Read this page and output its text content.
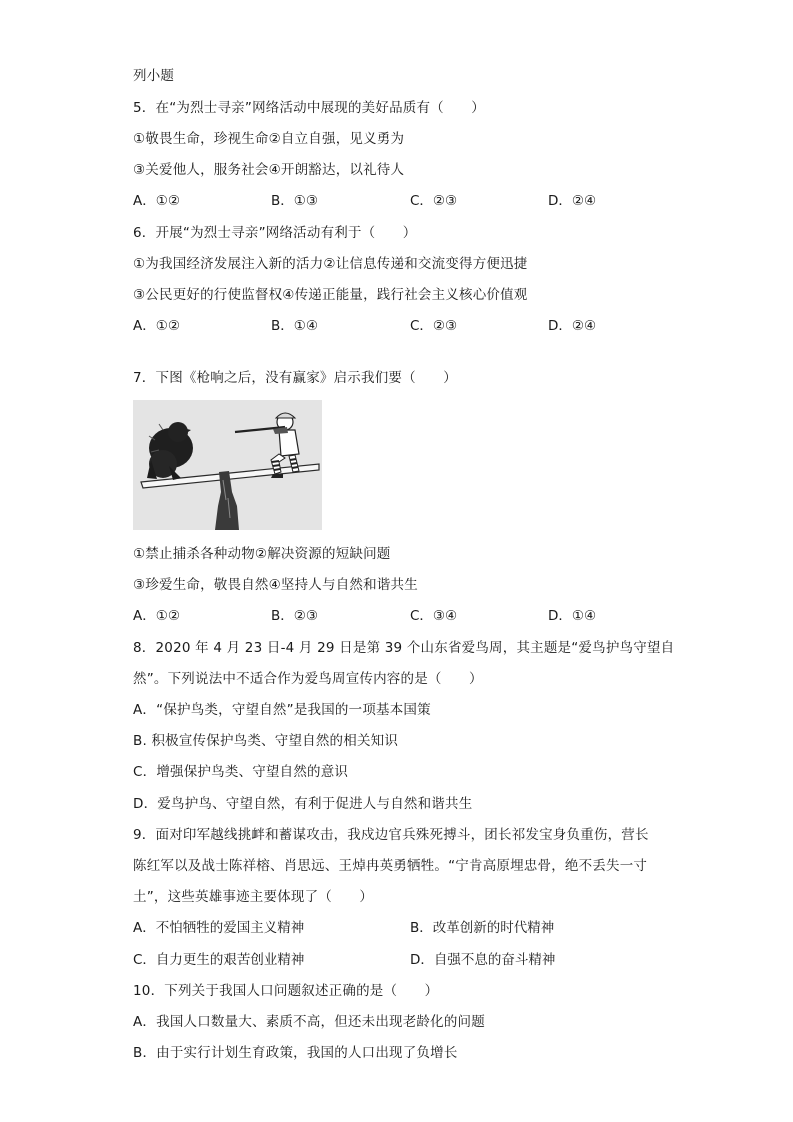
列小题
5．在“为烈士寻亲”网络活动中展现的美好品质有（　　）
①敬畏生命，珍视生命②自立自强，见义勇为
③关爱他人，服务社会④开朗豁达，以礼待人
A．①②	B．①③	C．②③	D．②④
6．开展“为烈士寻亲”网络活动有利于（　　）
①为我国经济发展注入新的活力②让信息传递和交流变得方便迅捷
③公民更好的行使监督权④传递正能量，践行社会主义核心价值观
A．①②	B．①④	C．②③	D．②④
7．下图《枪响之后，没有赢家》启示我们要（　　）
①禁止捕杀各种动物②解决资源的短缺问题
③珍爱生命，敬畏自然④坚持人与自然和谐共生
A．①②	B．②③	C．③④	D．①④
8．2020 年 4 月 23 日-4 月 29 日是第 39 个山东省爱鸟周，其主题是“爱鸟护鸟守望自
然”。下列说法中不适合作为爱鸟周宣传内容的是（　　）
A．“保护鸟类，守望自然”是我国的一项基本国策
B. 积极宣传保护鸟类、守望自然的相关知识
C．增强保护鸟类、守望自然的意识
D．爱鸟护鸟、守望自然，有利于促进人与自然和谐共生
9．面对印军越线挑衅和蓄谋攻击，我戍边官兵殊死搏斗，团长祁发宝身负重伤，营长
陈红军以及战士陈祥榕、肖思远、王焯冉英勇牺牲。“宁肯高原埋忠骨，绝不丢失一寸
土”，这些英雄事迹主要体现了（　　）
A．不怕牺牲的爱国主义精神	B．改革创新的时代精神
C．自力更生的艰苦创业精神	D．自强不息的奋斗精神
10．下列关于我国人口问题叙述正确的是（　　）
A．我国人口数量大、素质不高，但还未出现老龄化的问题
B．由于实行计划生育政策，我国的人口出现了负增长
